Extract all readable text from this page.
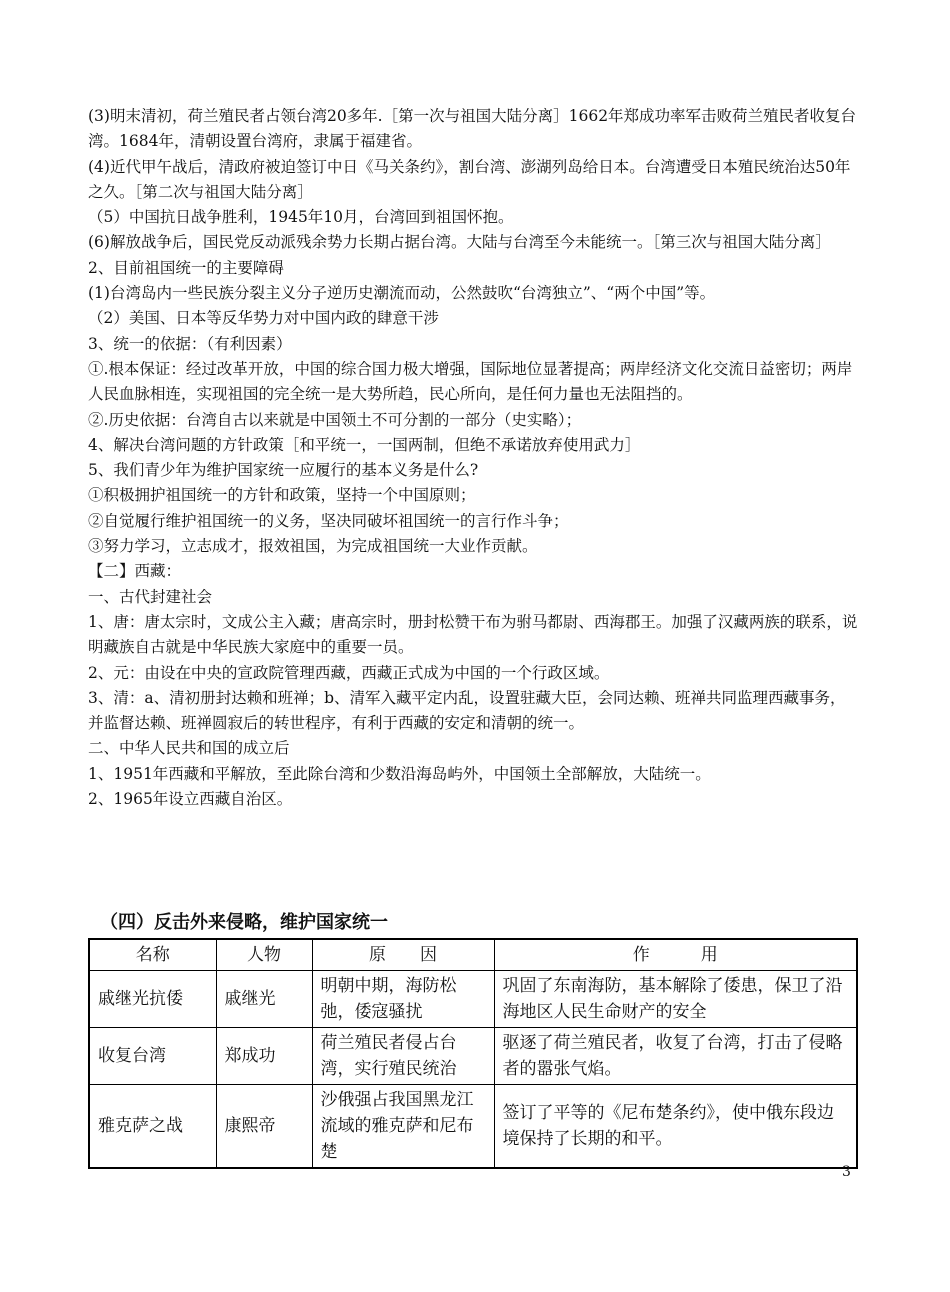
(3)明末清初，荷兰殖民者占领台湾20多年.［第一次与祖国大陆分离］1662年郑成功率军击败荷兰殖民者收复台湾。1684年，清朝设置台湾府，隶属于福建省。

(4)近代甲午战后，清政府被迫签订中日《马关条约》，割台湾、澎湖列岛给日本。台湾遭受日本殖民统治达50年之久。［第二次与祖国大陆分离］

（5）中国抗日战争胜利，1945年10月，台湾回到祖国怀抱。

(6)解放战争后，国民党反动派残余势力长期占据台湾。大陆与台湾至今未能统一。［第三次与祖国大陆分离］

2、目前祖国统一的主要障碍

(1)台湾岛内一些民族分裂主义分子逆历史潮流而动，公然鼓吹“台湾独立”、“两个中国”等。

（2）美国、日本等反华势力对中国内政的肆意干涉

3、统一的依据：（有利因素）

①.根本保证：经过改革开放，中国的综合国力极大增强，国际地位显著提高；两岸经济文化交流日益密切；两岸人民血脉相连，实现祖国的完全统一是大势所趋，民心所向，是任何力量也无法阻挡的。

②.历史依据：台湾自古以来就是中国领土不可分割的一部分（史实略）；

4、解决台湾问题的方针政策［和平统一，一国两制，但绝不承诺放弃使用武力］

5、我们青少年为维护国家统一应履行的基本义务是什么?

①积极拥护祖国统一的方针和政策，坚持一个中国原则；

②自觉履行维护祖国统一的义务，坚决同破坏祖国统一的言行作斗争；

③努力学习，立志成才，报效祖国，为完成祖国统一大业作贡献。

【二】西藏：

一、古代封建社会

1、唐：唐太宗时，文成公主入藏；唐高宗时，册封松赞干布为驸马都尉、西海郡王。加强了汉藏两族的联系，说明藏族自古就是中华民族大家庭中的重要一员。

2、元：由设在中央的宣政院管理西藏，西藏正式成为中国的一个行政区域。

3、清：a、清初册封达赖和班禅；b、清军入藏平定内乱，设置驻藏大臣，会同达赖、班禅共同监理西藏事务，并监督达赖、班禅圆寂后的转世程序，有利于西藏的安定和清朝的统一。

二、中华人民共和国的成立后

1、1951年西藏和平解放，至此除台湾和少数沿海岛屿外，中国领土全部解放，大陆统一。

2、1965年设立西藏自治区。

（四）反击外来侵略，维护国家统一
名称	人物	原　　因	作　　　用
戚继光抗倭	戚继光	明朝中期，海防松弛，倭寇骚扰	巩固了东南海防，基本解除了倭患，保卫了沿海地区人民生命财产的安全
收复台湾	郑成功	荷兰殖民者侵占台湾，实行殖民统治	驱逐了荷兰殖民者，收复了台湾，打击了侵略者的嚣张气焰。
雅克萨之战	康熙帝	沙俄强占我国黑龙江流域的雅克萨和尼布楚	签订了平等的《尼布楚条约》，使中俄东段边境保持了长期的和平。
3
